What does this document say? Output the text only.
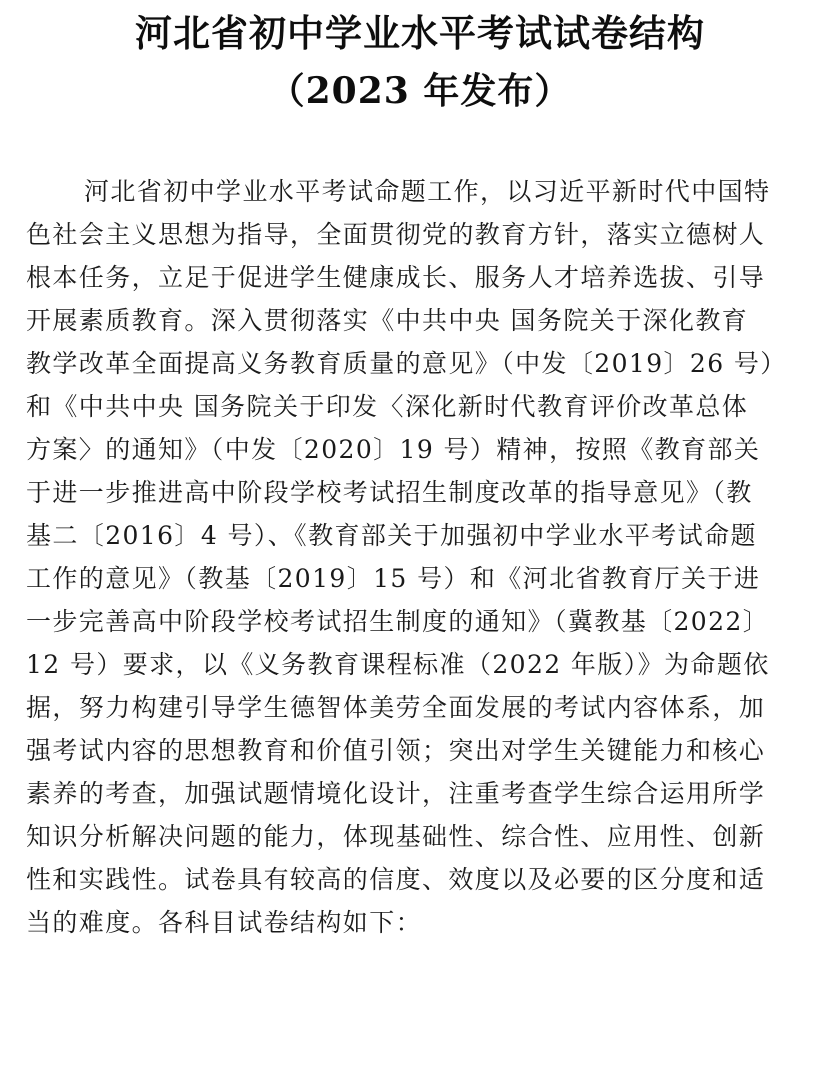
河北省初中学业水平考试试卷结构
（2023 年发布）
河北省初中学业水平考试命题工作，以习近平新时代中国特
色社会主义思想为指导，全面贯彻党的教育方针，落实立德树人
根本任务，立足于促进学生健康成长、服务人才培养选拔、引导
开展素质教育。深入贯彻落实《中共中央 国务院关于深化教育
教学改革全面提高义务教育质量的意见》（中发〔2019〕26 号）
和《中共中央 国务院关于印发〈深化新时代教育评价改革总体
方案〉的通知》（中发〔2020〕19 号）精神，按照《教育部关
于进一步推进高中阶段学校考试招生制度改革的指导意见》（教
基二〔2016〕4 号）、《教育部关于加强初中学业水平考试命题
工作的意见》（教基〔2019〕15 号）和《河北省教育厅关于进
一步完善高中阶段学校考试招生制度的通知》（冀教基〔2022〕
12 号）要求，以《义务教育课程标准（2022 年版）》为命题依
据，努力构建引导学生德智体美劳全面发展的考试内容体系，加
强考试内容的思想教育和价值引领；突出对学生关键能力和核心
素养的考查，加强试题情境化设计，注重考查学生综合运用所学
知识分析解决问题的能力，体现基础性、综合性、应用性、创新
性和实践性。试卷具有较高的信度、效度以及必要的区分度和适
当的难度。各科目试卷结构如下：
